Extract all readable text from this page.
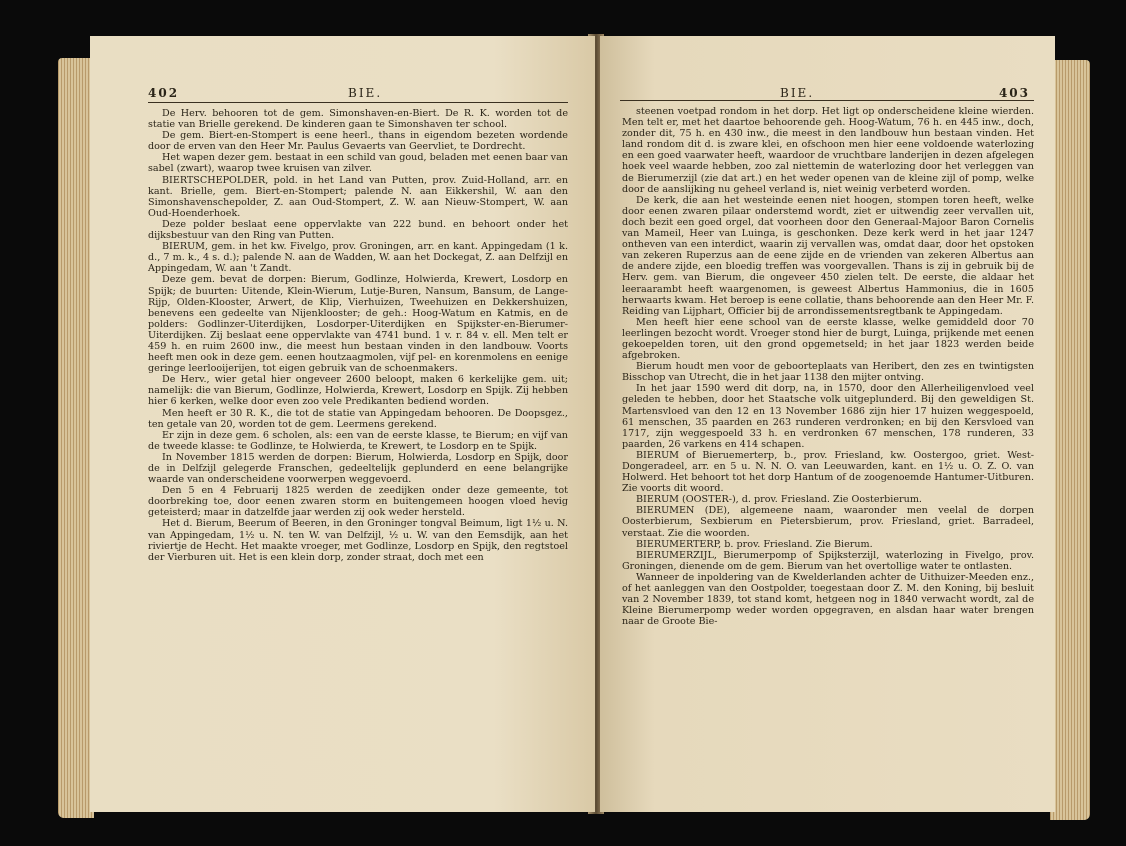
402	BIE.

De Herv. behooren tot de gem. Simonshaven-en-Biert. De R. K. worden tot de statie van Brielle gerekend. De kinderen gaan te Simonshaven ter school.

De gem. Biert-en-Stompert is eene heerl., thans in eigendom bezeten wordende door de erven van den Heer Mr. Paulus Gevaerts van Geervliet, te Dordrecht.

Het wapen dezer gem. bestaat in een schild van goud, beladen met eenen baar van sabel (zwart), waarop twee kruisen van zilver.

BIERTSCHEPOLDER, pold. in het Land van Putten, prov. Zuid-Holland, arr. en kant. Brielle, gem. Biert-en-Stompert; palende N. aan Eikkershil, W. aan den Simonshavenschepolder, Z. aan Oud-Stompert, Z. W. aan Nieuw-Stompert, W. aan Oud-Hoenderhoek.

Deze polder beslaat eene oppervlakte van 222 bund. en behoort onder het dijksbestuur van den Ring van Putten.

BIERUM, gem. in het kw. Fivelgo, prov. Groningen, arr. en kant. Appingedam (1 k. d., 7 m. k., 4 s. d.); palende N. aan de Wadden, W. aan het Dockegat, Z. aan Delfzijl en Appingedam, W. aan 't Zandt.

Deze gem. bevat de dorpen: Bierum, Godlinze, Holwierda, Krewert, Losdorp en Spijk; de buurten: Uitende, Klein-Wierum, Lutje-Buren, Nansum, Bansum, de Lange-Rijp, Olden-Klooster, Arwert, de Klip, Vierhuizen, Tweehuizen en Dekkershuizen, benevens een gedeelte van Nijenklooster; de geh.: Hoog-Watum en Katmis, en de polders: Godlinzer-Uiterdijken, Losdorper-Uiterdijken en Spijkster-en-Bierumer-Uiterdijken. Zij beslaat eene oppervlakte van 4741 bund. 1 v. r. 84 v. ell. Men telt er 459 h. en ruim 2600 inw., die meest hun bestaan vinden in den landbouw. Voorts heeft men ook in deze gem. eenen houtzaagmolen, vijf pel- en korenmolens en eenige geringe leerlooijerijen, tot eigen gebruik van de schoenmakers.

De Herv., wier getal hier ongeveer 2600 beloopt, maken 6 kerkelijke gem. uit; namelijk: die van Bierum, Godlinze, Holwierda, Krewert, Losdorp en Spijk. Zij hebben hier 6 kerken, welke door even zoo vele Predikanten bediend worden.

Men heeft er 30 R. K., die tot de statie van Appingedam behooren. De Doopsgez., ten getale van 20, worden tot de gem. Leermens gerekend.

Er zijn in deze gem. 6 scholen, als: een van de eerste klasse, te Bierum; en vijf van de tweede klasse: te Godlinze, te Holwierda, te Krewert, te Losdorp en te Spijk.

In November 1815 werden de dorpen: Bierum, Holwierda, Losdorp en Spijk, door de in Delfzijl gelegerde Franschen, gedeeltelijk geplunderd en eene belangrijke waarde van onderscheidene voorwerpen weggevoerd.

Den 5 en 4 Februarij 1825 werden de zeedijken onder deze gemeente, tot doorbreking toe, door eenen zwaren storm en buitengemeen hoogen vloed hevig geteisterd; maar in datzelfde jaar werden zij ook weder hersteld.

Het d. Bierum, Beerum of Beeren, in den Groninger tongval Beimum, ligt 1½ u. N. van Appingedam, 1½ u. N. ten W. van Delfzijl, ½ u. W. van den Eemsdijk, aan het riviertje de Hecht. Het maakte vroeger, met Godlinze, Losdorp en Spijk, den regtstoel der Vierburen uit. Het is een klein dorp, zonder straat, doch met een

BIE.	403

steenen voetpad rondom in het dorp. Het ligt op onderscheidene kleine wierden. Men telt er, met het daartoe behoorende geh. Hoog-Watum, 76 h. en 445 inw., doch, zonder dit, 75 h. en 430 inw., die meest in den landbouw hun bestaan vinden. Het land rondom dit d. is zware klei, en ofschoon men hier eene voldoende waterlozing en een goed vaarwater heeft, waardoor de vruchtbare landerijen in dezen afgelegen hoek veel waarde hebben, zoo zal niettemin de waterlozing door het verleggen van de Bierumerzijl (zie dat art.) en het weder openen van de kleine zijl of pomp, welke door de aanslijking nu geheel verland is, niet weinig verbeterd worden.

De kerk, die aan het westeinde eenen niet hoogen, stompen toren heeft, welke door eenen zwaren pilaar onderstemd wordt, ziet er uitwendig zeer vervallen uit, doch bezit een goed orgel, dat voorheen door den Generaal-Majoor Baron Cornelis van Mameil, Heer van Luinga, is geschonken. Deze kerk werd in het jaar 1247 ontheven van een interdict, waarin zij vervallen was, omdat daar, door het opstoken van zekeren Ruperzus aan de eene zijde en de vrienden van zekeren Albertus aan de andere zijde, een bloedig treffen was voorgevallen. Thans is zij in gebruik bij de Herv. gem. van Bierum, die ongeveer 450 zielen telt. De eerste, die aldaar het leeraarambt heeft waargenomen, is geweest Albertus Hammonius, die in 1605 herwaarts kwam. Het beroep is eene collatie, thans behoorende aan den Heer Mr. F. Reiding van Lijphart, Officier bij de arrondissementsregtbank te Appingedam.

Men heeft hier eene school van de eerste klasse, welke gemiddeld door 70 leerlingen bezocht wordt. Vroeger stond hier de burgt, Luinga, prijkende met eenen gekoepelden toren, uit den grond opgemetseld; in het jaar 1823 werden beide afgebroken.

Bierum houdt men voor de geboorteplaats van Heribert, den zes en twintigsten Bisschop van Utrecht, die in het jaar 1138 den mijter ontving.

In het jaar 1590 werd dit dorp, na, in 1570, door den Allerheiligenvloed veel geleden te hebben, door het Staatsche volk uitgeplunderd. Bij den geweldigen St. Martensvloed van den 12 en 13 November 1686 zijn hier 17 huizen weggespoeld, 61 menschen, 35 paarden en 263 runderen verdronken; en bij den Kersvloed van 1717, zijn weggespoeld 33 h. en verdronken 67 menschen, 178 runderen, 33 paarden, 26 varkens en 414 schapen.

BIERUM of Bieruemerterp, b., prov. Friesland, kw. Oostergoo, griet. West-Dongeradeel, arr. en 5 u. N. N. O. van Leeuwarden, kant. en 1½ u. O. Z. O. van Holwerd. Het behoort tot het dorp Hantum of de zoogenoemde Hantumer-Uitburen. Zie voorts dit woord.

BIERUM (OOSTER-), d. prov. Friesland. Zie Oosterbierum.

BIERUMEN (DE), algemeene naam, waaronder men veelal de dorpen Oosterbierum, Sexbierum en Pietersbierum, prov. Friesland, griet. Barradeel, verstaat. Zie die woorden.

BIERUMERTERP, b. prov. Friesland. Zie Bierum.

BIERUMERZIJL, Bierumerpomp of Spijksterzijl, waterlozing in Fivelgo, prov. Groningen, dienende om de gem. Bierum van het overtollige water te ontlasten.

Wanneer de inpoldering van de Kwelderlanden achter de Uithuizer-Meeden enz., of het aanleggen van den Oostpolder, toegestaan door Z. M. den Koning, bij besluit van 2 November 1839, tot stand komt, hetgeen nog in 1840 verwacht wordt, zal de Kleine Bierumerpomp weder worden opgegraven, en alsdan haar water brengen naar de Groote Bie-
